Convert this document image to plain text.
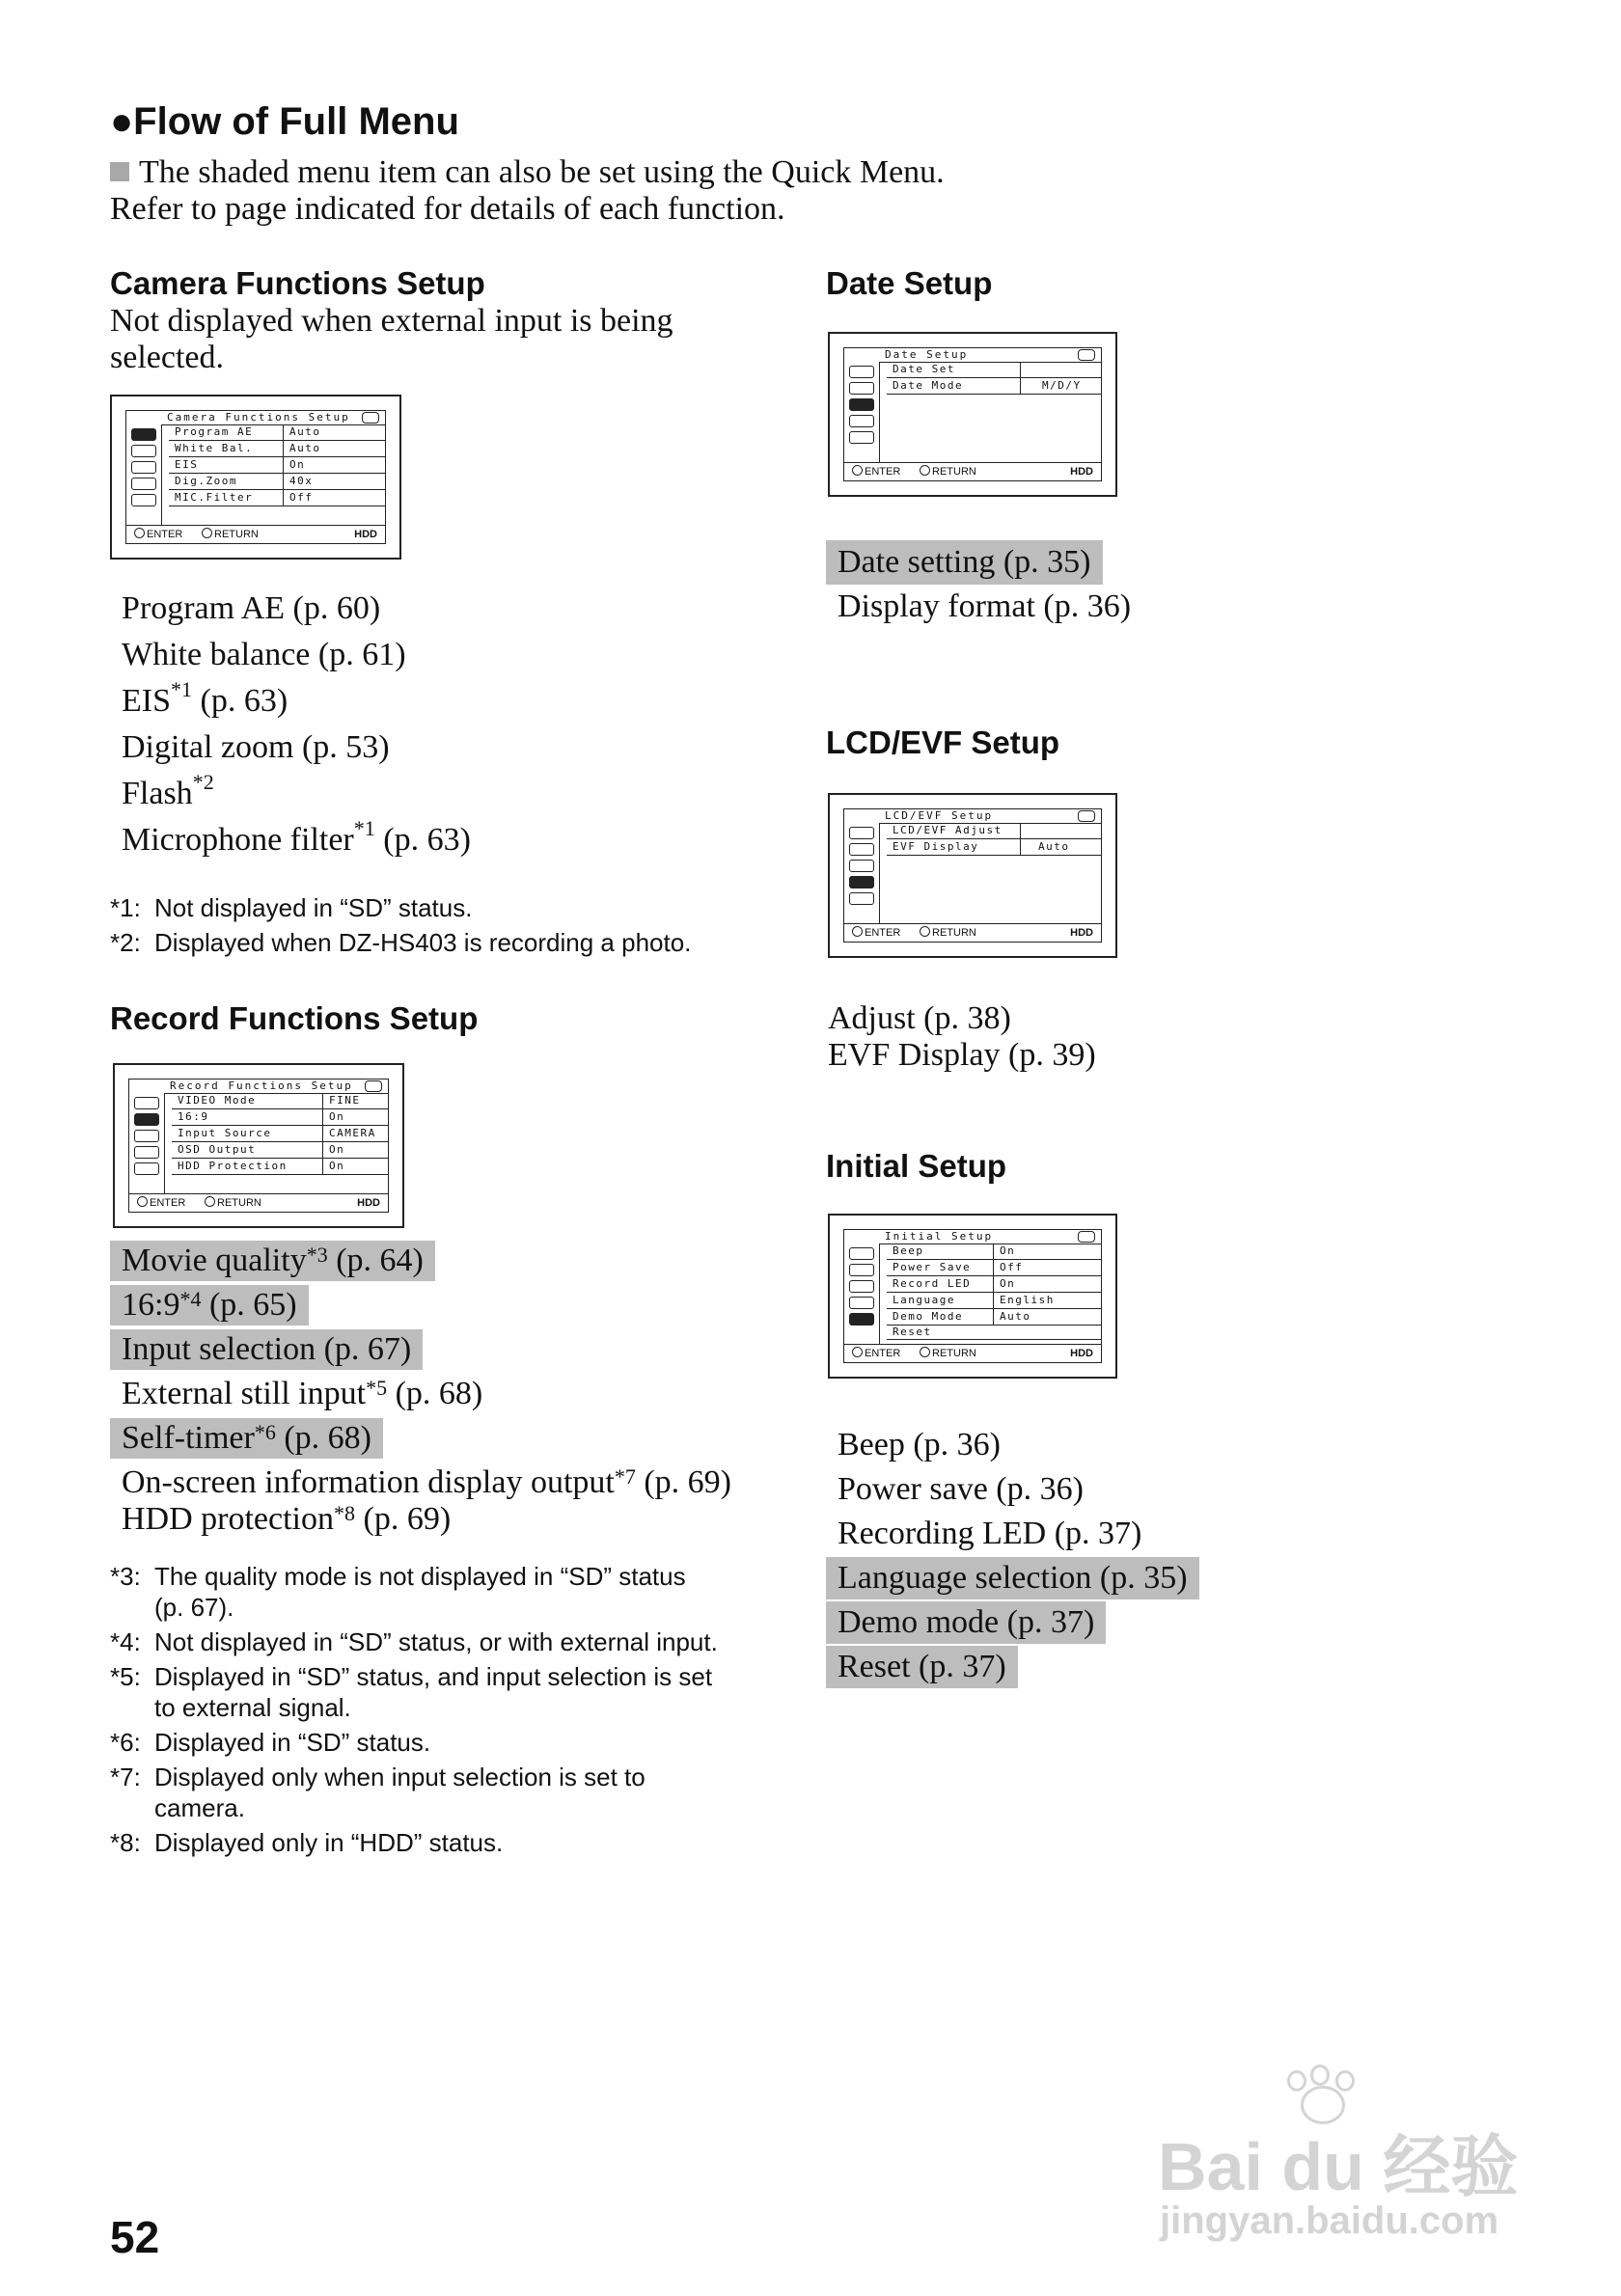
●Flow of Full Menu
The shaded menu item can also be set using the Quick Menu.
Refer to page indicated for details of each function.
Camera Functions Setup
Not displayed when external input is being
selected.
Camera Functions Setup
Program AE	Auto
White Bal.	Auto
EIS	On
Dig.Zoom	40x
MIC.Filter	Off
ENTER	RETURN	HDD
Program AE (p. 60)
White balance (p. 61)
EIS$^{*1}$ (p. 63)
Digital zoom (p. 53)
Flash$^{*2}$
Microphone filter$^{*1}$ (p. 63)
*1: Not displayed in “SD” status.
*2: Displayed when DZ-HS403 is recording a photo.
Record Functions Setup
Record Functions Setup
VIDEO Mode	FINE
16:9	On
Input Source	CAMERA
OSD Output	On
HDD Protection	On
ENTER	RETURN	HDD
Movie quality$^{*3}$ (p. 64)
16:9$^{*4}$ (p. 65)
Input selection (p. 67)
External still input$^{*5}$ (p. 68)
Self-timer$^{*6}$ (p. 68)
On-screen information display output$^{*7}$ (p. 69)
HDD protection$^{*8}$ (p. 69)
*3: The quality mode is not displayed in “SD” status
(p. 67).
*4: Not displayed in “SD” status, or with external input.
*5: Displayed in “SD” status, and input selection is set
to external signal.
*6: Displayed in “SD” status.
*7: Displayed only when input selection is set to
camera.
*8: Displayed only in “HDD” status.
Date Setup
Date Setup
Date Set
Date Mode	M/D/Y
ENTER	RETURN	HDD
Date setting (p. 35)
Display format (p. 36)
LCD/EVF Setup
LCD/EVF Setup
LCD/EVF Adjust
EVF Display	Auto
ENTER	RETURN	HDD
Adjust (p. 38)
EVF Display (p. 39)
Initial Setup
Initial Setup
Beep	On
Power Save	Off
Record LED	On
Language	English
Demo Mode	Auto
Reset
ENTER	RETURN	HDD
Beep (p. 36)
Power save (p. 36)
Recording LED (p. 37)
Language selection (p. 35)
Demo mode (p. 37)
Reset (p. 37)
52
Bai du 经验
jingyan.baidu.com
